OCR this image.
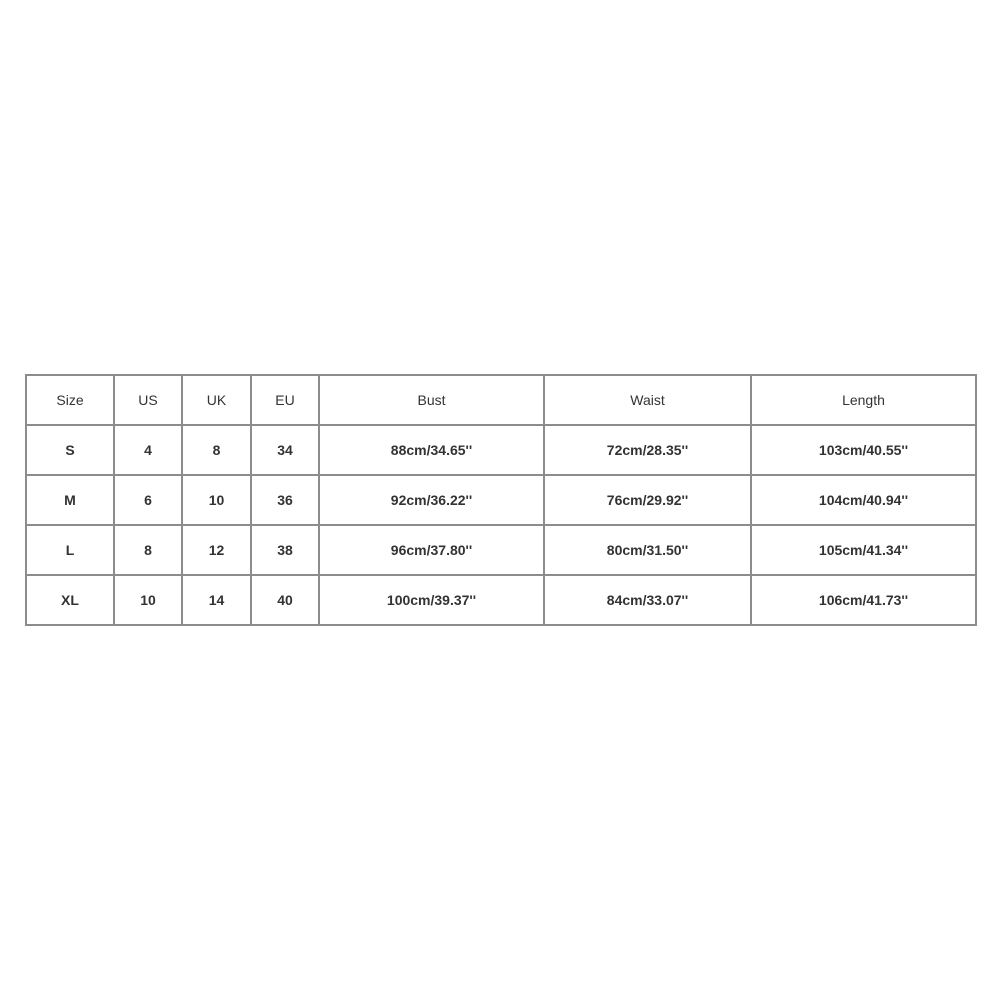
Size	US	UK	EU	Bust	Waist	Length
S	4	8	34	88cm/34.65''	72cm/28.35''	103cm/40.55''
M	6	10	36	92cm/36.22''	76cm/29.92''	104cm/40.94''
L	8	12	38	96cm/37.80''	80cm/31.50''	105cm/41.34''
XL	10	14	40	100cm/39.37''	84cm/33.07''	106cm/41.73''
